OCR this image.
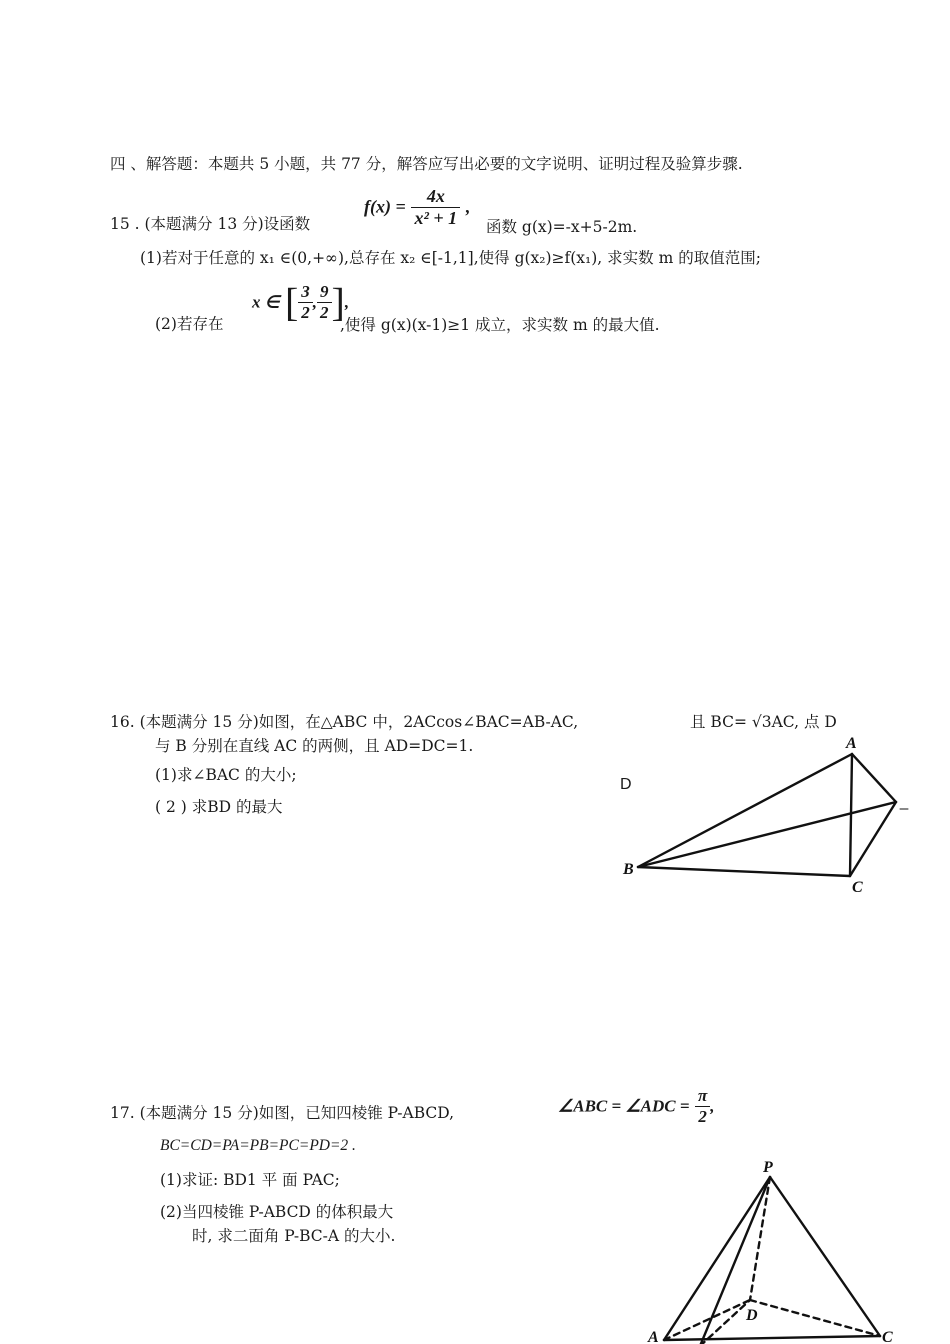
四 、解答题：本题共 5 小题，共 77 分，解答应写出必要的文字说明、证明过程及验算步骤.
15 . (本题满分 13 分)设函数
$f(x) = \frac{4x}{\text{x² + 1}}$ ,
函数 g(x)=-x+5-2m.
(1)若对于任意的 x₁ ∈(0,+∞),总存在 x₂ ∈[-1,1],使得 g(x₂)≥f(x₁), 求实数 m 的取值范围;
(2)若存在
x ∈ [ $\frac{3}{2}$ , $\frac{9}{2}$ ],
,使得 g(x)(x-1)≥1 成立，求实数 m 的最大值.
16. (本题满分 15 分)如图，在△ABC 中，2ACcos∠BAC=AB-AC,	且 BC= √3AC, 点 D
与 B 分别在直线 AC 的两侧，且 AD=DC=1.
(1)求∠BAC 的大小;
( 2 ) 求BD 的最大
D
A
B
C
17. (本题满分 15 分)如图，已知四棱锥 P-ABCD,	∠ABC = ∠ADC = $\frac{\pi}{2}$ ,
BC=CD=PA=PB=PC=PD=2 .
(1)求证: BD1 平 面 PAC;
(2)当四棱锥 P-ABCD 的体积最大
时, 求二面角 P-BC-A 的大小.
P
A	C
D
